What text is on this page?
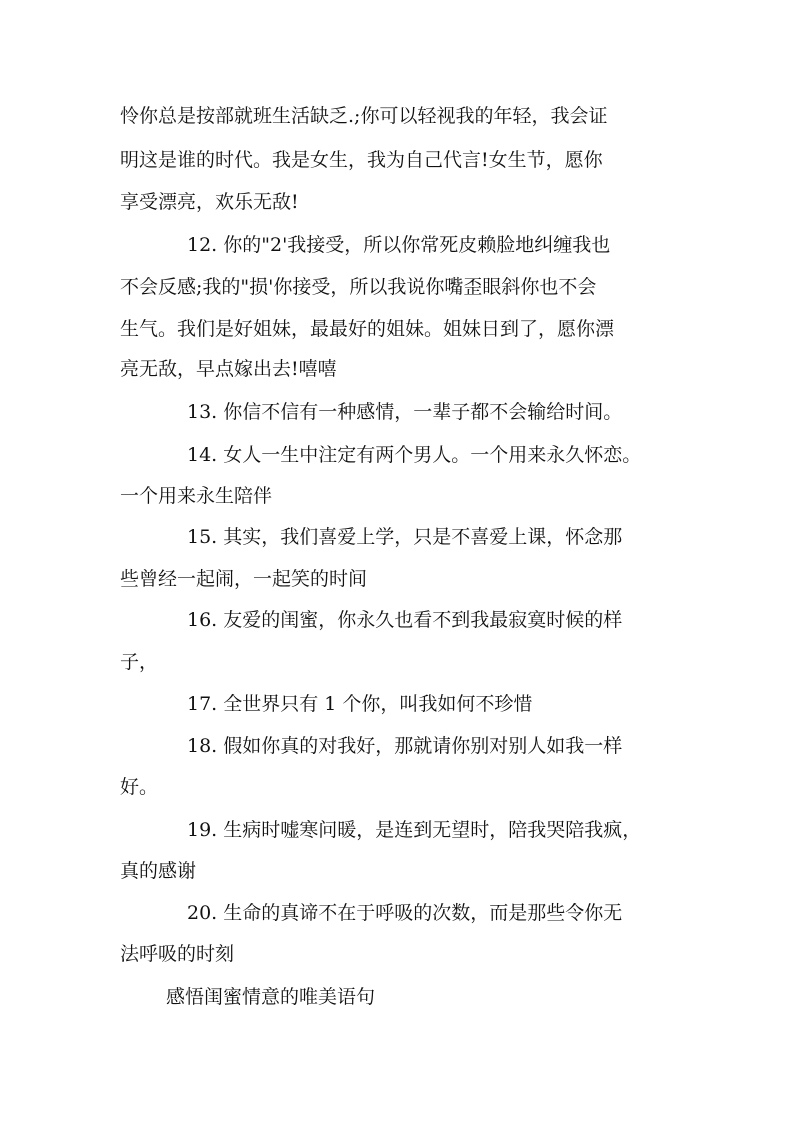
怜你总是按部就班生活缺乏.;你可以轻视我的年轻，我会证
明这是谁的时代。我是女生，我为自己代言!女生节，愿你
享受漂亮，欢乐无敌!
12. 你的"2'我接受，所以你常死皮赖脸地纠缠我也
不会反感;我的"损'你接受，所以我说你嘴歪眼斜你也不会
生气。我们是好姐妹，最最好的姐妹。姐妹日到了，愿你漂
亮无敌，早点嫁出去!嘻嘻
13. 你信不信有一种感情，一辈子都不会输给时间。
14. 女人一生中注定有两个男人。一个用来永久怀恋。
一个用来永生陪伴
15. 其实，我们喜爱上学，只是不喜爱上课，怀念那
些曾经一起闹，一起笑的时间
16. 友爱的闺蜜，你永久也看不到我最寂寞时候的样
子，
17. 全世界只有 1 个你，叫我如何不珍惜
18. 假如你真的对我好，那就请你别对别人如我一样
好。
19. 生病时嘘寒问暖，是连到无望时，陪我哭陪我疯，
真的感谢
20. 生命的真谛不在于呼吸的次数，而是那些令你无
法呼吸的时刻
感悟闺蜜情意的唯美语句
